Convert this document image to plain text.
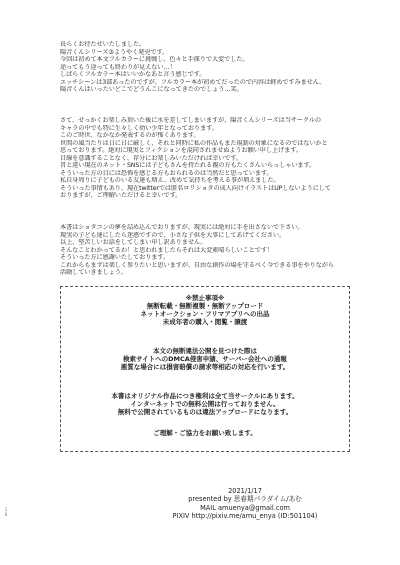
長らくお待たせいたしました。
陽音くんシリーズ③ようやく発売です。
今回は初めて本文フルカラーに挑戦し、色々と手探りで大変でした。
途ってもう途っても終わりが見えない…！
しばらくフルカラー本はいいかなあと言う感じです。
エッチシーンは3部あったのですが、フルカラー本が初めてだったので内容は軽めですみません。
陽音くんはいったいどこでどうんこになってきたのでしょう…笑。
さて、せっかくお楽しみ頂いた後に水を差してしまいますが、陽音くんシリーズは当サークルの
キャラの中でも特に生々しく幼い少年となっております。
このご時世、なかなか発表するのが怖くあります。
世間の風当たりは日に日に厳しく、それと同時に私の作品もまた規制の対象になるのではないかと
思っております。絶対に現実とフィクションを混同されませぬようお願い申し上げます。
目線を意識することなく、存分にお楽しみいただければ幸いです。
昔と違い現在のネット・SNSには子どもさんを持たれる親の方もたくさんいらっしゃいます。
そういった方の目には恐怖を感じる方もおられるのは当然だと思っています。
私自身周りに子どものいる友達も増え、改めて気持ちを考える事が増えました。
そういった事情もあり、現在twitterでは匿名ロリショタの成人向けイラストはUPしないようにして
おりますが、ご理解いただけると幸いです。
本書はショタコンの夢を詰め込んでおりますが、現実には絶対に手を出さないで下さい。
現実の子ども達にしたら迷惑ですので、小さな子供を大事にしてあげてください。
以上、堅苦しいお話をしてしまい申し訳ありません。
そんなことわかってるわ！と思われましたらそれは大変素晴らしいことです！
そういった方に感謝いたしております。
これからもまずは楽しく参りたいと思いますが、自由な創作の場を守るべく今できる事をやりながら
活動していきましょう。
※禁止事項※
無断転載・無断複製・無断アップロード
ネットオークション・フリマアプリへの出品
未成年者の購入・閲覧・譲渡
本文の無断違法公開を見つけた際は
検索サイトへのDMCA侵害申請、サーバー会社への通報
悪質な場合には損害賠償の請求等相応の対応を行います。
本書はオリジナル作品につき権利は全て当サークルにあります。
インターネットでの無料公開は行っておりません。
無料で公開されているものは違法アップロードになります。
ご理解・ご協力をお願い致します。
2021/1/17
presented by 思春期パラダイム/あむ
MAIL amuenya@gmail.com
PIXIV http://pixiv.me/amu_enya (ID:501104)
1
8
